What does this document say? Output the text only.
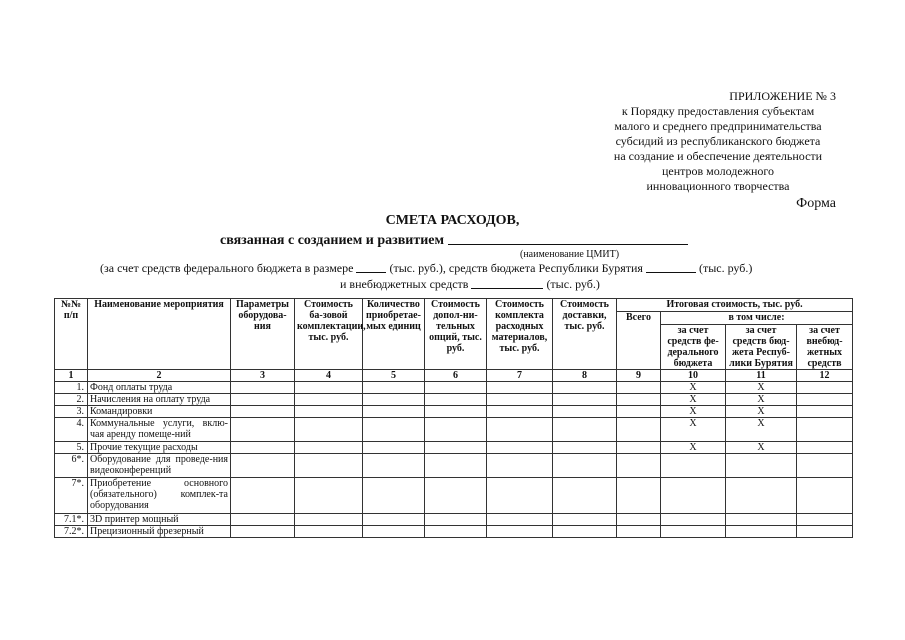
ПРИЛОЖЕНИЕ № 3
к Порядку предоставления субъектам
малого и среднего предпринимательства
субсидий из республиканского бюджета
на создание и обеспечение деятельности
центров молодежного
инновационного творчества
Форма
СМЕТА РАСХОДОВ,
связанная с созданием и развитием
(наименование ЦМИТ)
(за счет средств федерального бюджета в размере	(тыс. руб.), средств бюджета Республики Бурятия	(тыс. руб.)
и внебюджетных средств	(тыс. руб.)
№№ п/п	Наименование мероприятия	Параметры оборудова-ния	Стоимость ба-зовой комплектации, тыс. руб.	Количество приобретае-мых единиц	Стоимость допол-ни-тельных опций, тыс. руб.	Стоимость комплекта расходных материалов, тыс. руб.	Стоимость доставки, тыс. руб.	Итоговая стоимость, тыс. руб.			
								Всего	в том числе:		
									за счет средств фе-дерального бюджета	за счет средств бюд-жета Респуб-лики Бурятия	за счет внебюд-жетных средств
1	2	3	4	5	6	7	8	9	10	11	12
1.	Фонд оплаты труда								X	X	
2.	Начисления на оплату труда								X	X	
3.	Командировки								X	X	
4.	Коммунальные услуги, вклю-чая аренду помеще-ний								X	X	
5.	Прочие текущие расходы								X	X	
6*.	Оборудование для проведе-ния видеоконференций										
7*.	Приобретение основного (обязательного) комплек-та оборудования										
7.1*.	3D принтер мощный										
7.2*.	Прецизионный фрезерный										
